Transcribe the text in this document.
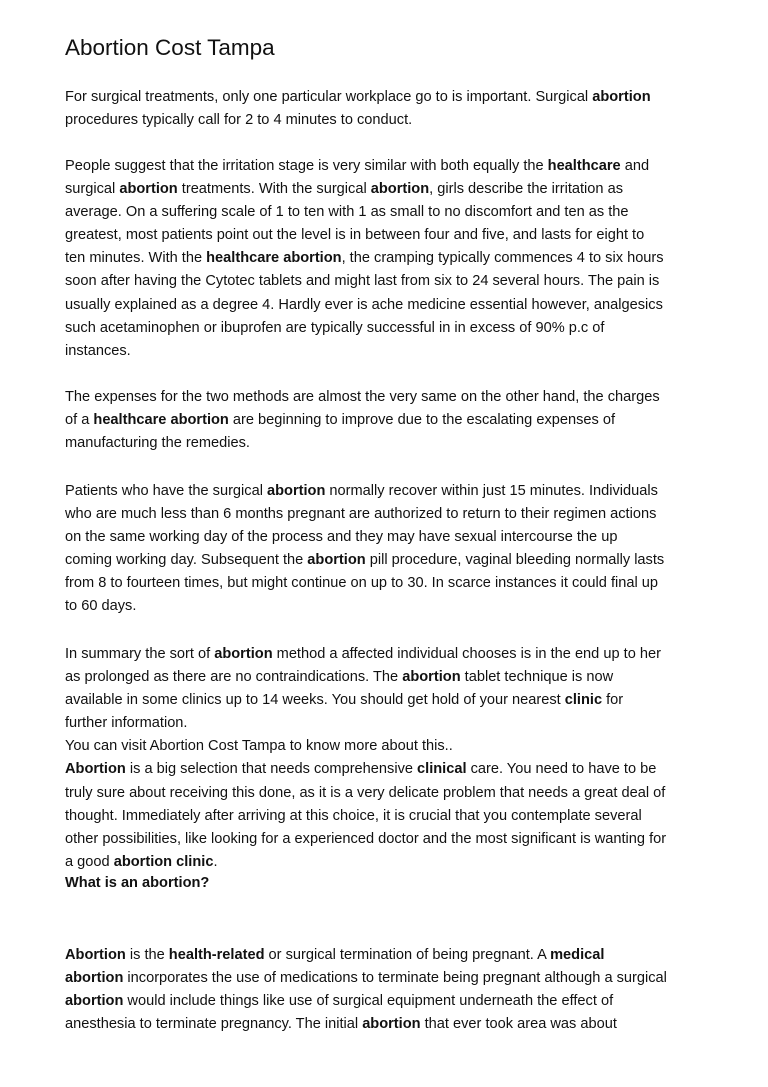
Abortion Cost Tampa

For surgical treatments, only one particular workplace go to is important. Surgical abortion
procedures typically call for 2 to 4 minutes to conduct.

People suggest that the irritation stage is very similar with both equally the healthcare and
surgical abortion treatments. With the surgical abortion, girls describe the irritation as
average. On a suffering scale of 1 to ten with 1 as small to no discomfort and ten as the
greatest, most patients point out the level is in between four and five, and lasts for eight to
ten minutes. With the healthcare abortion, the cramping typically commences 4 to six hours
soon after having the Cytotec tablets and might last from six to 24 several hours. The pain is
usually explained as a degree 4. Hardly ever is ache medicine essential however, analgesics
such acetaminophen or ibuprofen are typically successful in in excess of 90% p.c of
instances.

The expenses for the two methods are almost the very same on the other hand, the charges
of a healthcare abortion are beginning to improve due to the escalating expenses of
manufacturing the remedies.

Patients who have the surgical abortion normally recover within just 15 minutes. Individuals
who are much less than 6 months pregnant are authorized to return to their regimen actions
on the same working day of the process and they may have sexual intercourse the up
coming working day. Subsequent the abortion pill procedure, vaginal bleeding normally lasts
from 8 to fourteen times, but might continue on up to 30. In scarce instances it could final up
to 60 days.

In summary the sort of abortion method a affected individual chooses is in the end up to her
as prolonged as there are no contraindications. The abortion tablet technique is now
available in some clinics up to 14 weeks. You should get hold of your nearest clinic for
further information.
You can visit Abortion Cost Tampa to know more about this..
Abortion is a big selection that needs comprehensive clinical care. You need to have to be
truly sure about receiving this done, as it is a very delicate problem that needs a great deal of
thought. Immediately after arriving at this choice, it is crucial that you contemplate several
other possibilities, like looking for a experienced doctor and the most significant is wanting for
a good abortion clinic.

What is an abortion?

Abortion is the health-related or surgical termination of being pregnant. A medical
abortion incorporates the use of medications to terminate being pregnant although a surgical
abortion would include things like use of surgical equipment underneath the effect of
anesthesia to terminate pregnancy. The initial abortion that ever took area was about
